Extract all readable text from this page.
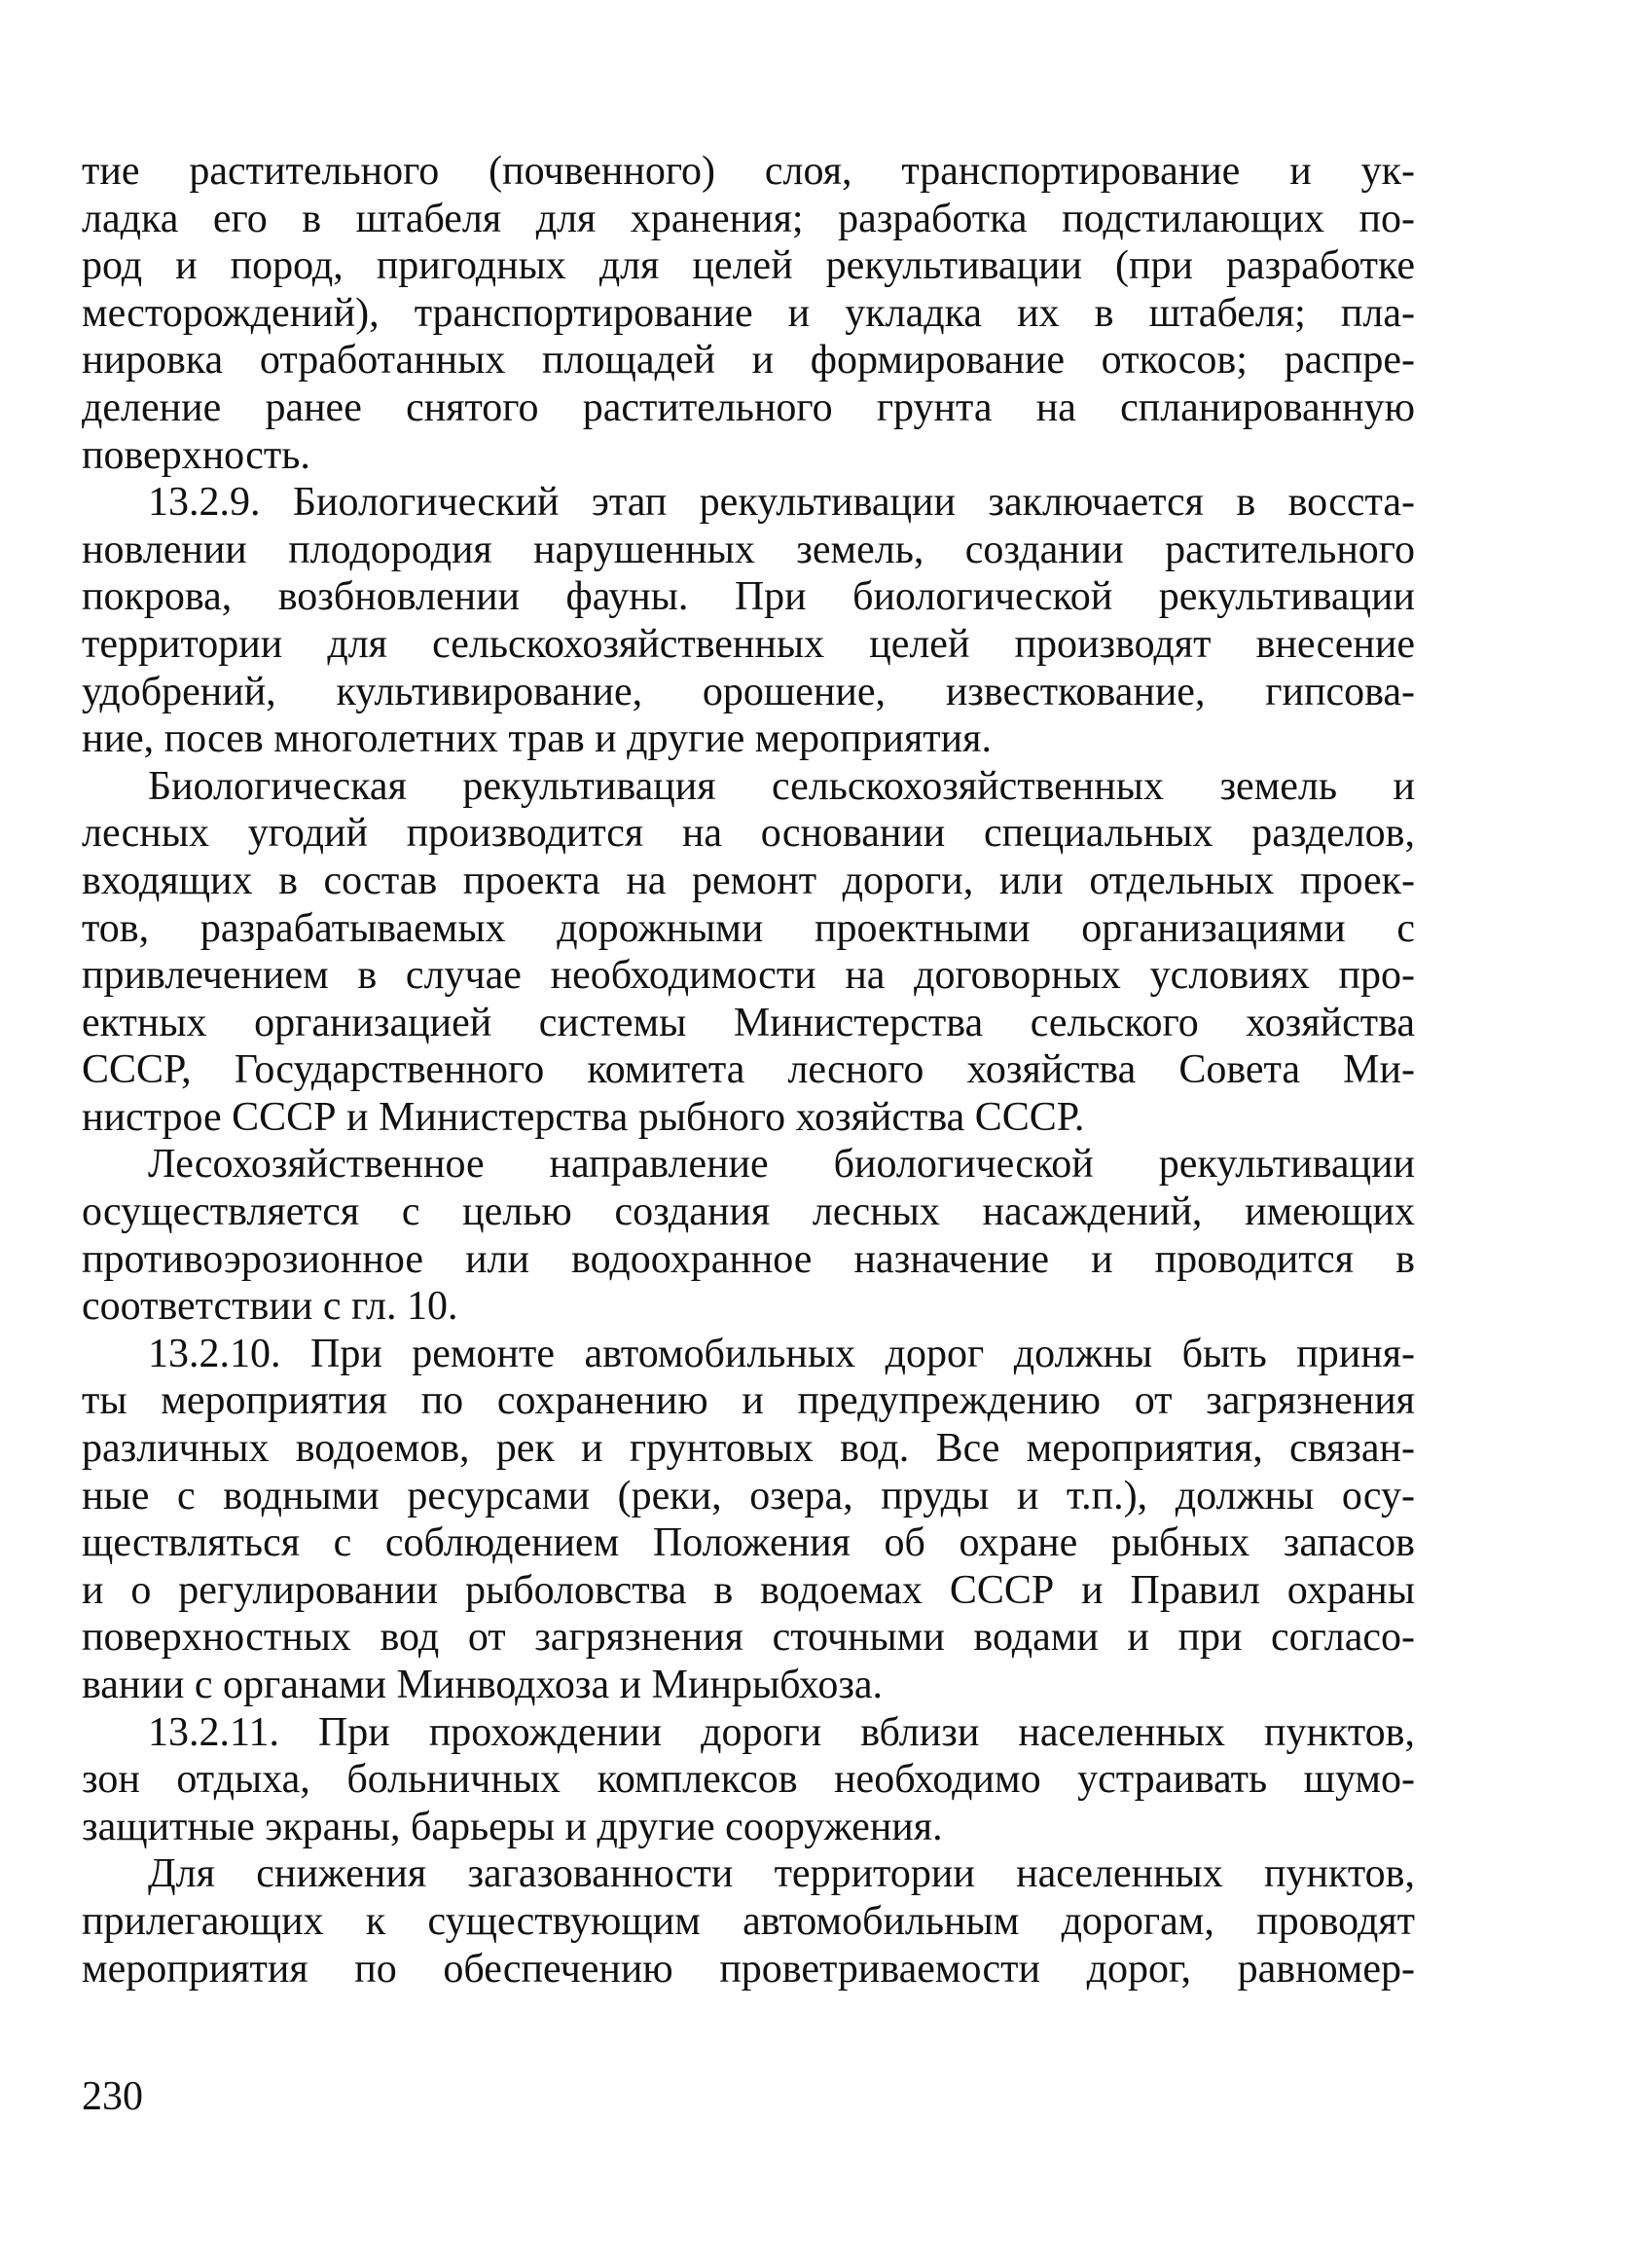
тие растительного (почвенного) слоя, транспортирование и ук-
ладка его в штабеля для хранения; разработка подстилающих по-
род и пород, пригодных для целей рекультивации (при разработке
месторождений), транспортирование и укладка их в штабеля; пла-
нировка отработанных площадей и формирование откосов; распре-
деление ранее снятого растительного грунта на спланированную
поверхность.
13.2.9. Биологический этап рекультивации заключается в восста-
новлении плодородия нарушенных земель, создании растительного
покрова, возбновлении фауны. При биологической рекультивации
территории для сельскохозяйственных целей производят внесение
удобрений, культивирование, орошение, известкование, гипсова-
ние, посев многолетних трав и другие мероприятия.
Биологическая рекультивация сельскохозяйственных земель и
лесных угодий производится на основании специальных разделов,
входящих в состав проекта на ремонт дороги, или отдельных проек-
тов, разрабатываемых дорожными проектными организациями с
привлечением в случае необходимости на договорных условиях про-
ектных организацией системы Министерства сельского хозяйства
СССР, Государственного комитета лесного хозяйства Совета Ми-
нистрое СССР и Министерства рыбного хозяйства СССР.
Лесохозяйственное направление биологической рекультивации
осуществляется с целью создания лесных насаждений, имеющих
противоэрозионное или водоохранное назначение и проводится в
соответствии с гл. 10.
13.2.10. При ремонте автомобильных дорог должны быть приня-
ты мероприятия по сохранению и предупреждению от загрязнения
различных водоемов, рек и грунтовых вод. Все мероприятия, связан-
ные с водными ресурсами (реки, озера, пруды и т.п.), должны осу-
ществляться с соблюдением Положения об охране рыбных запасов
и о регулировании рыболовства в водоемах СССР и Правил охраны
поверхностных вод от загрязнения сточными водами и при согласо-
вании с органами Минводхоза и Минрыбхоза.
13.2.11. При прохождении дороги вблизи населенных пунктов,
зон отдыха, больничных комплексов необходимо устраивать шумо-
защитные экраны, барьеры и другие сооружения.
Для снижения загазованности территории населенных пунктов,
прилегающих к существующим автомобильным дорогам, проводят
мероприятия по обеспечению проветриваемости дорог, равномер-
230
